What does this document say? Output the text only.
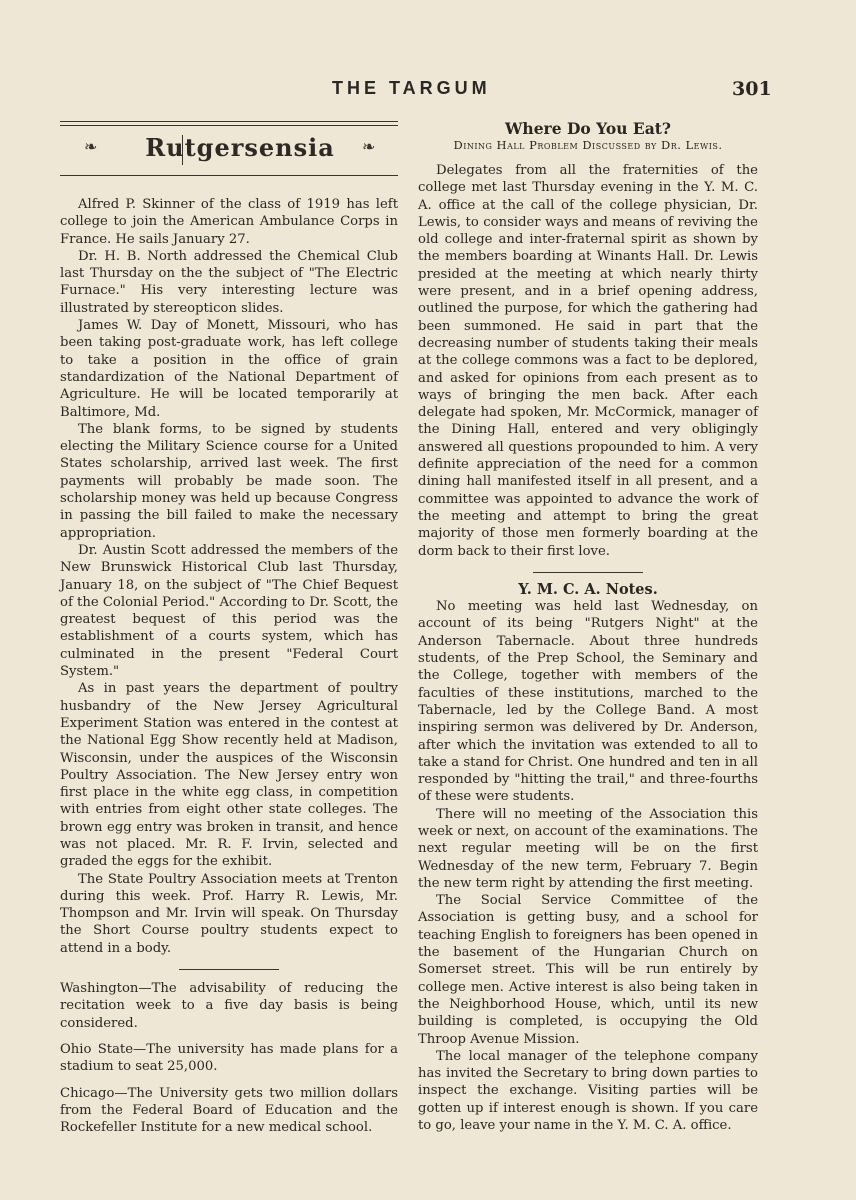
THE TARGUM	301
❧ Rutgersensia	❧

Alfred P. Skinner of the class of 1919 has left college to join the American Ambulance Corps in France. He sails January 27.

Dr. H. B. North addressed the Chemical Club last Thursday on the the subject of "The Electric Furnace." His very interesting lecture was illustrated by stereopticon slides.

James W. Day of Monett, Missouri, who has been taking post-graduate work, has left college to take a position in the office of grain standardization of the National Department of Agriculture. He will be located temporarily at Baltimore, Md.

The blank forms, to be signed by students electing the Military Science course for a United States scholarship, arrived last week. The first payments will probably be made soon. The scholarship money was held up because Congress in passing the bill failed to make the necessary appropriation.

Dr. Austin Scott addressed the members of the New Brunswick Historical Club last Thursday, January 18, on the subject of "The Chief Bequest of the Colonial Period." According to Dr. Scott, the greatest bequest of this period was the establishment of a courts system, which has culminated in the present "Federal Court System."

As in past years the department of poultry husbandry of the New Jersey Agricultural Experiment Station was entered in the contest at the National Egg Show recently held at Madison, Wisconsin, under the auspices of the Wisconsin Poultry Association. The New Jersey entry won first place in the white egg class, in competition with entries from eight other state colleges. The brown egg entry was broken in transit, and hence was not placed. Mr. R. F. Irvin, selected and graded the eggs for the exhibit.

The State Poultry Association meets at Trenton during this week. Prof. Harry R. Lewis, Mr. Thompson and Mr. Irvin will speak. On Thursday the Short Course poultry students expect to attend in a body.

Washington—The advisability of reducing the recitation week to a five day basis is being considered.

Ohio State—The university has made plans for a stadium to seat 25,000.

Chicago—The University gets two million dollars from the Federal Board of Education and the Rockefeller Institute for a new medical school.

Where Do You Eat?

Dining Hall Problem Discussed by Dr. Lewis.

Delegates from all the fraternities of the college met last Thursday evening in the Y. M. C. A. office at the call of the college physician, Dr. Lewis, to consider ways and means of reviving the old college and inter-fraternal spirit as shown by the members boarding at Winants Hall. Dr. Lewis presided at the meeting at which nearly thirty were present, and in a brief opening address, outlined the purpose, for which the gathering had been summoned. He said in part that the decreasing number of students taking their meals at the college commons was a fact to be deplored, and asked for opinions from each present as to ways of bringing the men back. After each delegate had spoken, Mr. McCormick, manager of the Dining Hall, entered and very obligingly answered all questions propounded to him. A very definite appreciation of the need for a common dining hall manifested itself in all present, and a committee was appointed to advance the work of the meeting and attempt to bring the great majority of those men formerly boarding at the dorm back to their first love.

Y. M. C. A. Notes.

No meeting was held last Wednesday, on account of its being "Rutgers Night" at the Anderson Tabernacle. About three hundreds students, of the Prep School, the Seminary and the College, together with members of the faculties of these institutions, marched to the Tabernacle, led by the College Band. A most inspiring sermon was delivered by Dr. Anderson, after which the invitation was extended to all to take a stand for Christ. One hundred and ten in all responded by "hitting the trail," and three-fourths of these were students.

There will no meeting of the Association this week or next, on account of the examinations. The next regular meeting will be on the first Wednesday of the new term, February 7. Begin the new term right by attending the first meeting.

The Social Service Committee of the Association is getting busy, and a school for teaching English to foreigners has been opened in the basement of the Hungarian Church on Somerset street. This will be run entirely by college men. Active interest is also being taken in the Neighborhood House, which, until its new building is completed, is occupying the Old Throop Avenue Mission.

The local manager of the telephone company has invited the Secretary to bring down parties to inspect the exchange. Visiting parties will be gotten up if interest enough is shown. If you care to go, leave your name in the Y. M. C. A. office.
